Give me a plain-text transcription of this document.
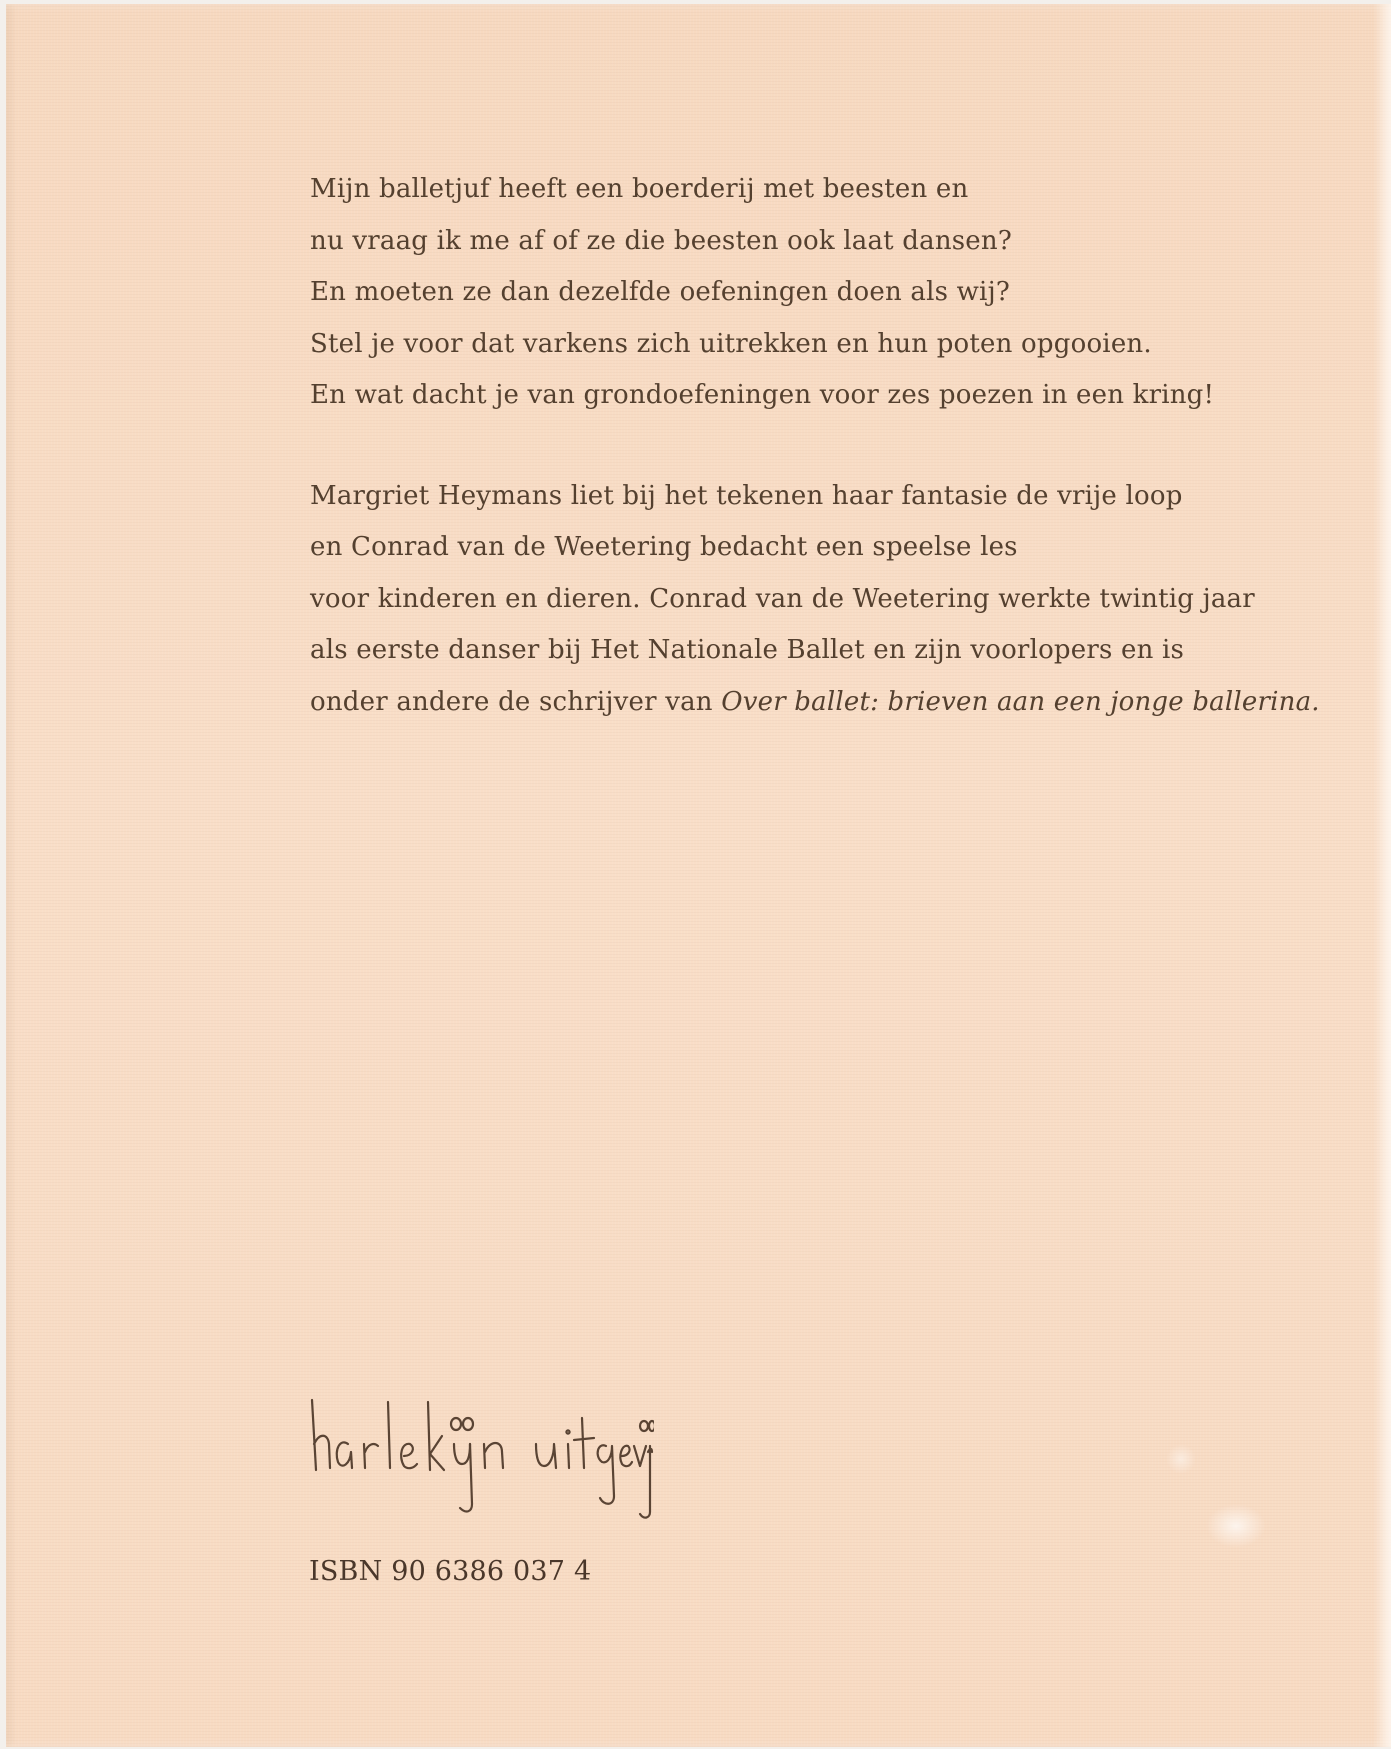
Mijn balletjuf heeft een boerderij met beesten en

nu vraag ik me af of ze die beesten ook laat dansen?

En moeten ze dan dezelfde oefeningen doen als wij?

Stel je voor dat varkens zich uitrekken en hun poten opgooien.

En wat dacht je van grondoefeningen voor zes poezen in een kring!

Margriet Heymans liet bij het tekenen haar fantasie de vrije loop

en Conrad van de Weetering bedacht een speelse les

voor kinderen en dieren. Conrad van de Weetering werkte twintig jaar

als eerste danser bij Het Nationale Ballet en zijn voorlopers en is

onder andere de schrijver van Over ballet: brieven aan een jonge ballerina.

ISBN 90 6386 037 4
